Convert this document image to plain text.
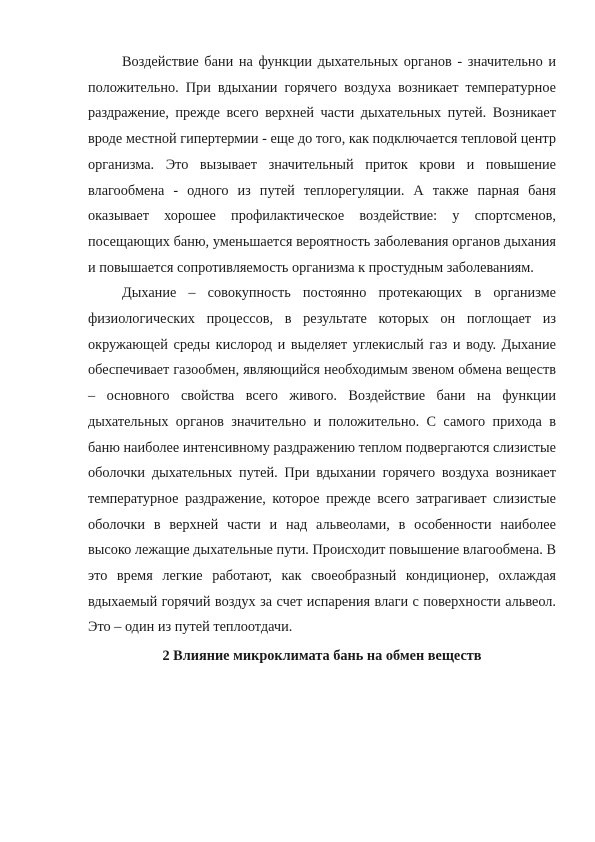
Воздействие бани на функции дыхательных органов - значительно и положительно. При вдыхании горячего воздуха возникает температурное раздражение, прежде всего верхней части дыхательных путей. Возникает вроде местной гипертермии - еще до того, как подключается тепловой центр организма. Это вызывает значительный приток крови и повышение влагообмена - одного из путей теплорегуляции. А также парная баня оказывает хорошее профилактическое воздействие: у спортсменов, посещающих баню, уменьшается вероятность заболевания органов дыхания и повышается сопротивляемость организма к простудным заболеваниям.

Дыхание – совокупность постоянно протекающих в организме физиологических процессов, в результате которых он поглощает из окружающей среды кислород и выделяет углекислый газ и воду. Дыхание обеспечивает газообмен, являющийся необходимым звеном обмена веществ – основного свойства всего живого. Воздействие бани на функции дыхательных органов значительно и положительно. С самого прихода в баню наиболее интенсивному раздражению теплом подвергаются слизистые оболочки дыхательных путей. При вдыхании горячего воздуха возникает температурное раздражение, которое прежде всего затрагивает слизистые оболочки в верхней части и над альвеолами, в особенности наиболее высоко лежащие дыхательные пути. Происходит повышение влагообмена. В это время легкие работают, как своеобразный кондиционер, охлаждая вдыхаемый горячий воздух за счет испарения влаги с поверхности альвеол. Это – один из путей теплоотдачи.

2 Влияние микроклимата бань на обмен веществ
